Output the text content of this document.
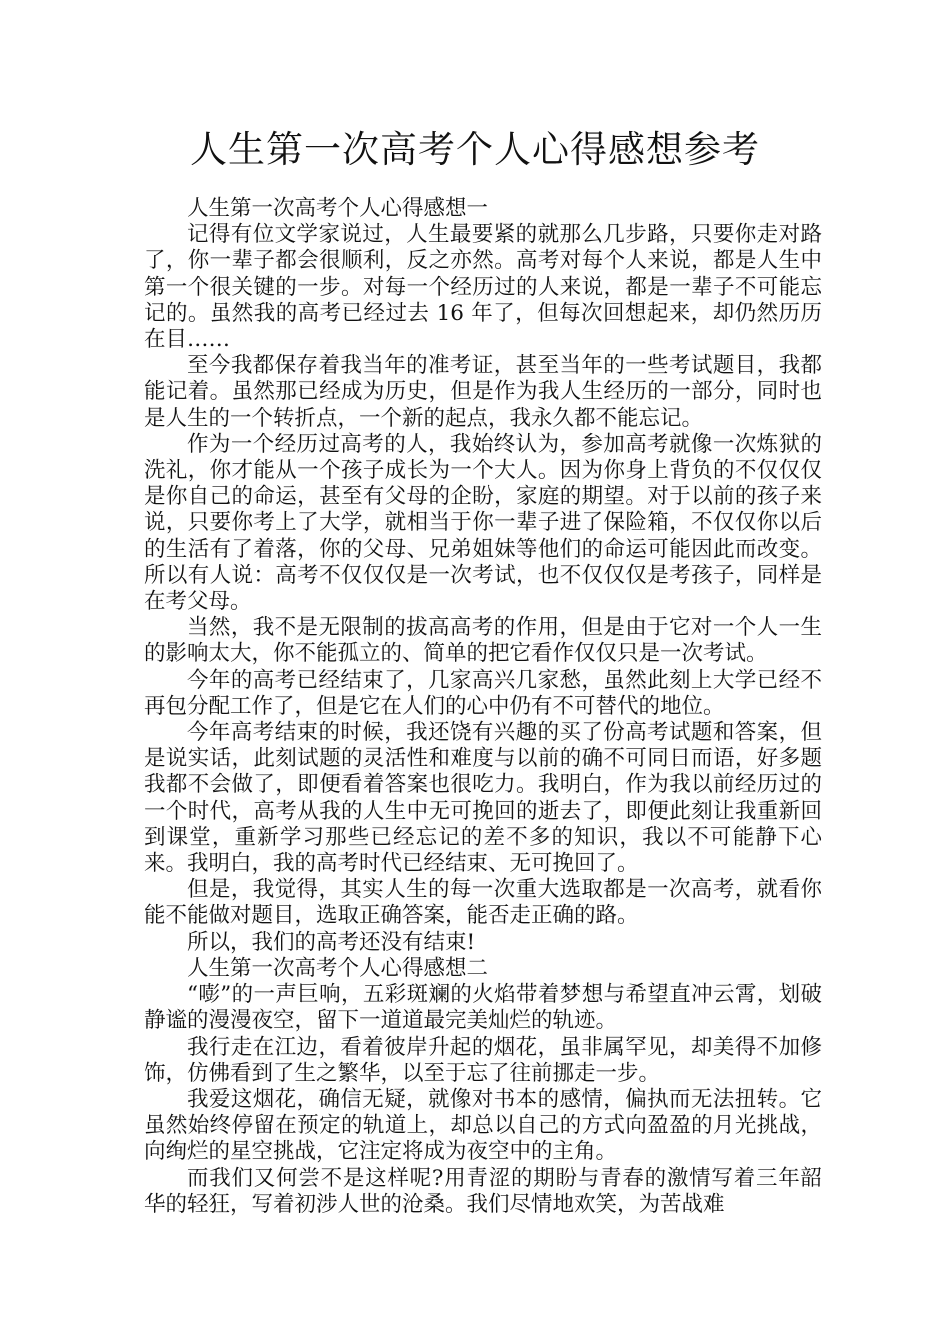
人生第一次高考个人心得感想参考

人生第一次高考个人心得感想一

记得有位文学家说过，人生最要紧的就那么几步路，只要你走对路了，你一辈子都会很顺利，反之亦然。高考对每个人来说，都是人生中第一个很关键的一步。对每一个经历过的人来说，都是一辈子不可能忘记的。虽然我的高考已经过去 16 年了，但每次回想起来，却仍然历历在目……

至今我都保存着我当年的准考证，甚至当年的一些考试题目，我都能记着。虽然那已经成为历史，但是作为我人生经历的一部分，同时也是人生的一个转折点，一个新的起点，我永久都不能忘记。

作为一个经历过高考的人，我始终认为，参加高考就像一次炼狱的洗礼，你才能从一个孩子成长为一个大人。因为你身上背负的不仅仅仅是你自己的命运，甚至有父母的企盼，家庭的期望。对于以前的孩子来说，只要你考上了大学，就相当于你一辈子进了保险箱，不仅仅你以后的生活有了着落，你的父母、兄弟姐妹等他们的命运可能因此而改变。所以有人说：高考不仅仅仅是一次考试，也不仅仅仅是考孩子，同样是在考父母。

当然，我不是无限制的拔高高考的作用，但是由于它对一个人一生的影响太大，你不能孤立的、简单的把它看作仅仅只是一次考试。

今年的高考已经结束了，几家高兴几家愁，虽然此刻上大学已经不再包分配工作了，但是它在人们的心中仍有不可替代的地位。

今年高考结束的时候，我还饶有兴趣的买了份高考试题和答案，但是说实话，此刻试题的灵活性和难度与以前的确不可同日而语，好多题我都不会做了，即便看着答案也很吃力。我明白，作为我以前经历过的一个时代，高考从我的人生中无可挽回的逝去了，即便此刻让我重新回到课堂，重新学习那些已经忘记的差不多的知识，我以不可能静下心来。我明白，我的高考时代已经结束、无可挽回了。

但是，我觉得，其实人生的每一次重大选取都是一次高考，就看你能不能做对题目，选取正确答案，能否走正确的路。

所以，我们的高考还没有结束!

人生第一次高考个人心得感想二

“嘭”的一声巨响，五彩斑斓的火焰带着梦想与希望直冲云霄，划破静谧的漫漫夜空，留下一道道最完美灿烂的轨迹。

我行走在江边，看着彼岸升起的烟花，虽非属罕见，却美得不加修饰，仿佛看到了生之繁华，以至于忘了往前挪走一步。

我爱这烟花，确信无疑，就像对书本的感情，偏执而无法扭转。它虽然始终停留在预定的轨道上，却总以自己的方式向盈盈的月光挑战，向绚烂的星空挑战，它注定将成为夜空中的主角。

而我们又何尝不是这样呢?用青涩的期盼与青春的激情写着三年韶华的轻狂，写着初涉人世的沧桑。我们尽情地欢笑，为苦战难
